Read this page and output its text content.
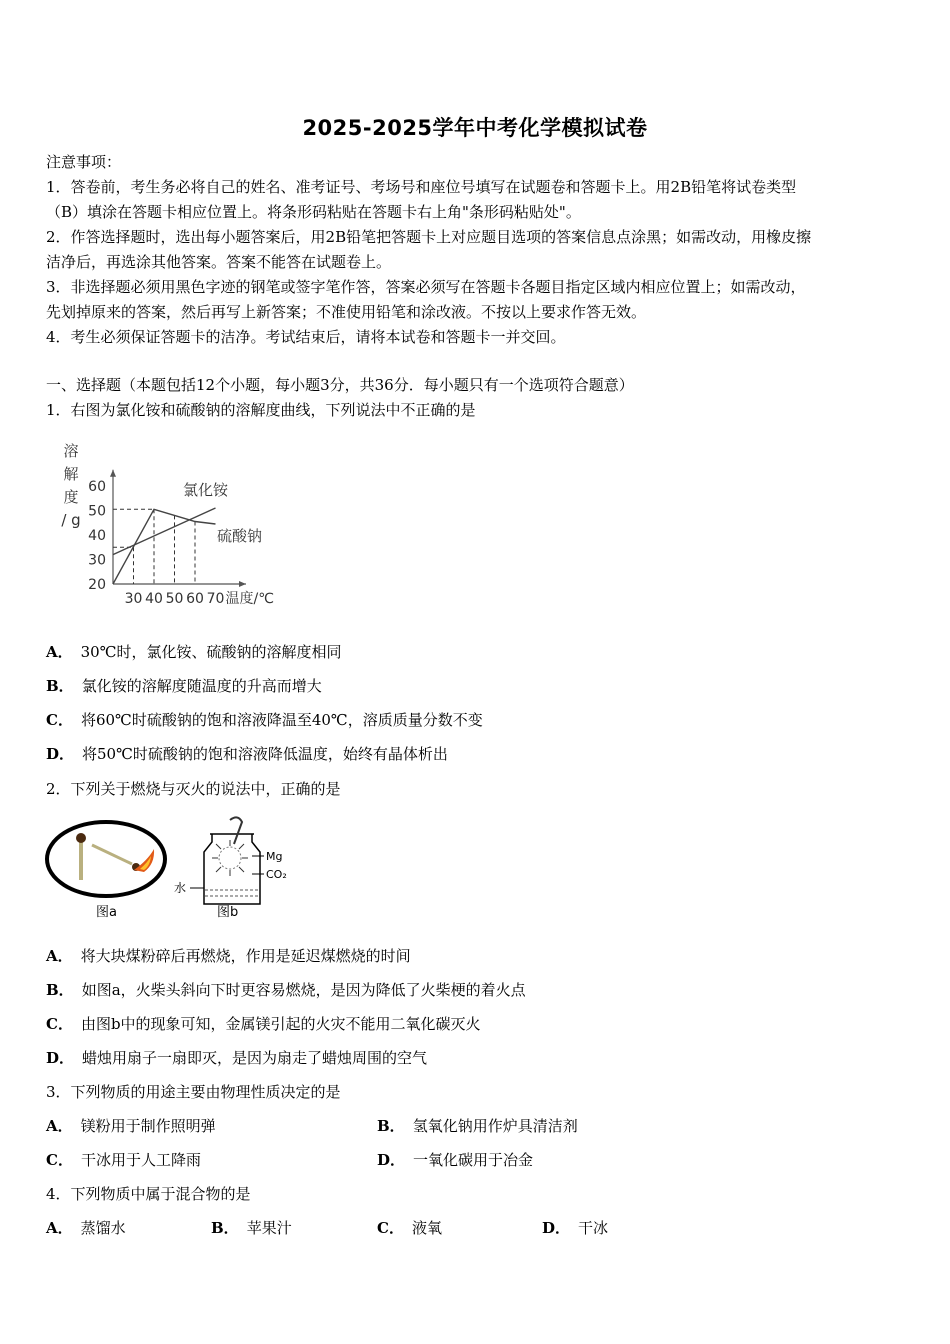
2025-2025学年中考化学模拟试卷
注意事项：
1．答卷前，考生务必将自己的姓名、准考证号、考场号和座位号填写在试题卷和答题卡上。用2B铅笔将试卷类型
（B）填涂在答题卡相应位置上。将条形码粘贴在答题卡右上角"条形码粘贴处"。
2．作答选择题时，选出每小题答案后，用2B铅笔把答题卡上对应题目选项的答案信息点涂黑；如需改动，用橡皮擦
洁净后，再选涂其他答案。答案不能答在试题卷上。
3．非选择题必须用黑色字迹的钢笔或签字笔作答，答案必须写在答题卡各题目指定区域内相应位置上；如需改动，
先划掉原来的答案，然后再写上新答案；不准使用铅笔和涂改液。不按以上要求作答无效。
4．考生必须保证答题卡的洁净。考试结束后，请将本试卷和答题卡一并交回。
一、选择题（本题包括12个小题，每小题3分，共36分．每小题只有一个选项符合题意）
1．右图为氯化铵和硫酸钠的溶解度曲线，下列说法中不正确的是
20
30
40
50
60
30 40 50 60 70
溶
解
度
/ g
温度/℃
氯化铵
硫酸钠
A． 30℃时，氯化铵、硫酸钠的溶解度相同
B． 氯化铵的溶解度随温度的升高而增大
C． 将60℃时硫酸钠的饱和溶液降温至40℃，溶质质量分数不变
D． 将50℃时硫酸钠的饱和溶液降低温度，始终有晶体析出
2．下列关于燃烧与灭火的说法中，正确的是
图a
Mg
CO₂
水
图b
A． 将大块煤粉碎后再燃烧，作用是延迟煤燃烧的时间
B． 如图a，火柴头斜向下时更容易燃烧，是因为降低了火柴梗的着火点
C． 由图b中的现象可知，金属镁引起的火灾不能用二氧化碳灭火
D． 蜡烛用扇子一扇即灭，是因为扇走了蜡烛周围的空气
3．下列物质的用途主要由物理性质决定的是
A． 镁粉用于制作照明弹	B． 氢氧化钠用作炉具清洁剂
C． 干冰用于人工降雨	D． 一氧化碳用于冶金
4．下列物质中属于混合物的是
A． 蒸馏水	B． 苹果汁	C． 液氧	D． 干冰
